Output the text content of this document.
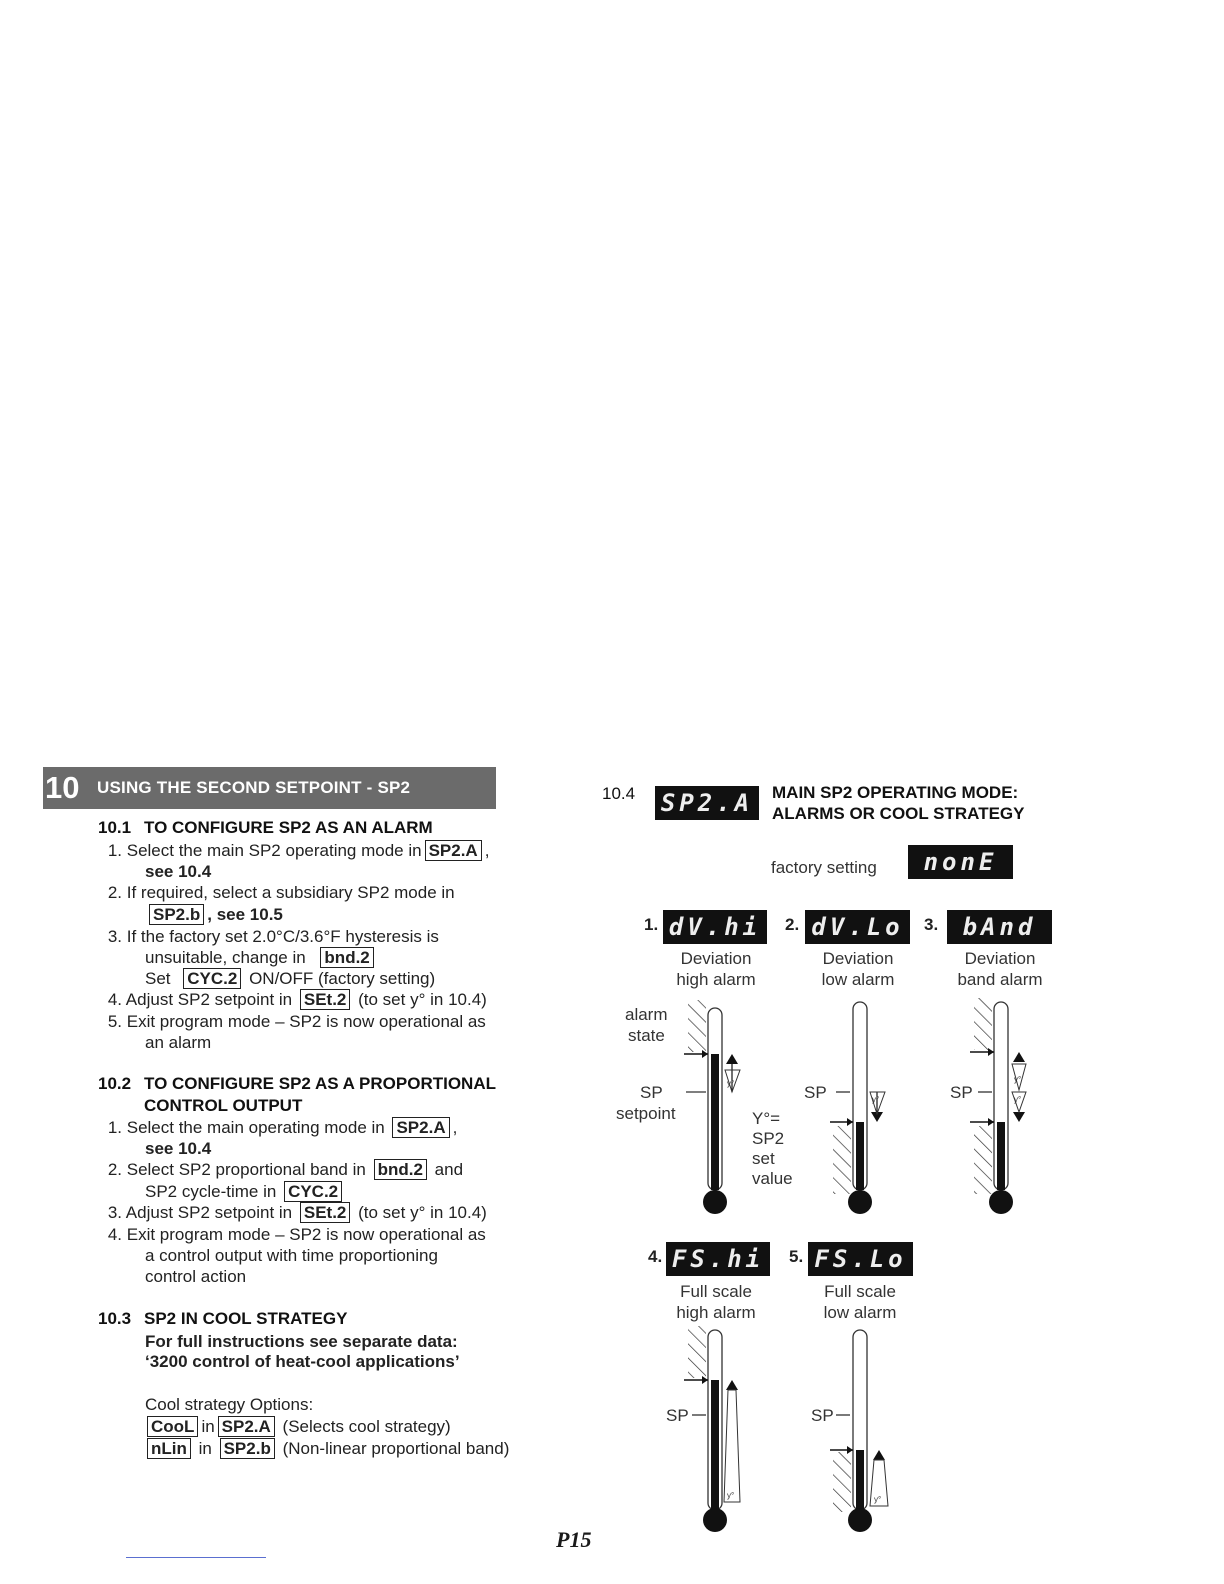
10	USING THE SECOND SETPOINT - SP2
10.1 TO CONFIGURE SP2 AS AN ALARM
1. Select the main SP2 operating mode in SP2.A ,
see 10.4
2. If required, select a subsidiary SP2 mode in
SP2.b , see 10.5
3. If the factory set 2.0°C/3.6°F hysteresis is
unsuitable, change in bnd.2
Set CYC.2 ON/OFF (factory setting)
4. Adjust SP2 setpoint in SEt.2 (to set y° in 10.4)
5. Exit program mode – SP2 is now operational as
an alarm
10.2 TO CONFIGURE SP2 AS A PROPORTIONAL
CONTROL OUTPUT
1. Select the main operating mode in SP2.A ,
see 10.4
2. Select SP2 proportional band in bnd.2 and
SP2 cycle-time in CYC.2
3. Adjust SP2 setpoint in SEt.2 (to set y° in 10.4)
4. Exit program mode – SP2 is now operational as
a control output with time proportioning
control action
10.3 SP2 IN COOL STRATEGY
For full instructions see separate data:
‘3200 control of heat-cool applications’
Cool strategy Options:
CooL in SP2.A (Selects cool strategy)
nLin in SP2.b (Non-linear proportional band)
10.4 SP2.A	MAIN SP2 OPERATING MODE:
ALARMS OR COOL STRATEGY
factory setting	nonE
1. dV.hi
Deviation
high alarm
2. dV.Lo
Deviation
low alarm
3.	bAnd
Deviation
band alarm
4. FS.hi
Full scale
high alarm
5. FS.Lo
Full scale
low alarm
alarm
state
SP
setpoint	Y°=
SP2
set
value
SP	SP
SP	SP
y°
y°
y°
y°
y°	y°
P15
